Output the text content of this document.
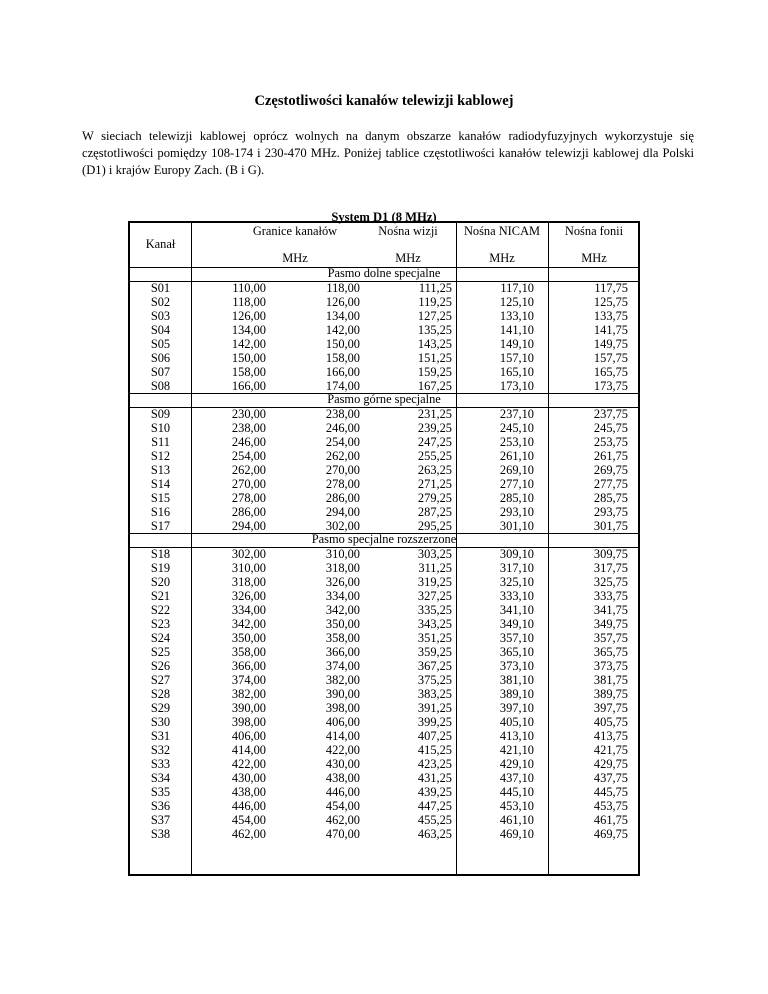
Częstotliwości kanałów telewizji kablowej
W sieciach telewizji kablowej oprócz wolnych na danym obszarze kanałów radiodyfuzyjnych wykorzystuje się częstotliwości pomiędzy 108-174 i 230-470 MHz. Poniżej tablice częstotliwości kanałów telewizji kablowej dla Polski (D1) i krajów Europy Zach. (B i G).
System D1 (8 MHz)
Kanał
Granice kanałów	Nośna wizji	Nośna NICAM	Nośna fonii
MHz	MHz	MHz	MHz
Pasmo dolne specjalne
S01	110,00	118,00	111,25	117,10	117,75
S02	118,00	126,00	119,25	125,10	125,75
S03	126,00	134,00	127,25	133,10	133,75
S04	134,00	142,00	135,25	141,10	141,75
S05	142,00	150,00	143,25	149,10	149,75
S06	150,00	158,00	151,25	157,10	157,75
S07	158,00	166,00	159,25	165,10	165,75
S08	166,00	174,00	167,25	173,10	173,75
Pasmo górne specjalne
S09	230,00	238,00	231,25	237,10	237,75
S10	238,00	246,00	239,25	245,10	245,75
S11	246,00	254,00	247,25	253,10	253,75
S12	254,00	262,00	255,25	261,10	261,75
S13	262,00	270,00	263,25	269,10	269,75
S14	270,00	278,00	271,25	277,10	277,75
S15	278,00	286,00	279,25	285,10	285,75
S16	286,00	294,00	287,25	293,10	293,75
S17	294,00	302,00	295,25	301,10	301,75
Pasmo specjalne rozszerzone
S18	302,00	310,00	303,25	309,10	309,75
S19	310,00	318,00	311,25	317,10	317,75
S20	318,00	326,00	319,25	325,10	325,75
S21	326,00	334,00	327,25	333,10	333,75
S22	334,00	342,00	335,25	341,10	341,75
S23	342,00	350,00	343,25	349,10	349,75
S24	350,00	358,00	351,25	357,10	357,75
S25	358,00	366,00	359,25	365,10	365,75
S26	366,00	374,00	367,25	373,10	373,75
S27	374,00	382,00	375,25	381,10	381,75
S28	382,00	390,00	383,25	389,10	389,75
S29	390,00	398,00	391,25	397,10	397,75
S30	398,00	406,00	399,25	405,10	405,75
S31	406,00	414,00	407,25	413,10	413,75
S32	414,00	422,00	415,25	421,10	421,75
S33	422,00	430,00	423,25	429,10	429,75
S34	430,00	438,00	431,25	437,10	437,75
S35	438,00	446,00	439,25	445,10	445,75
S36	446,00	454,00	447,25	453,10	453,75
S37	454,00	462,00	455,25	461,10	461,75
S38	462,00	470,00	463,25	469,10	469,75
